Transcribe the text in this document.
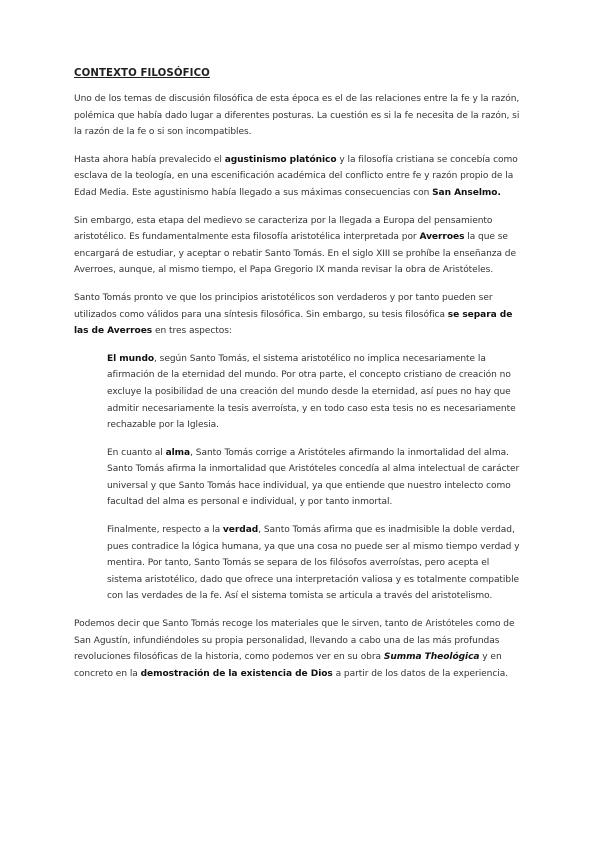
CONTEXTO FILOSÓFICO

Uno de los temas de discusión filosófica de esta época es el de las relaciones entre la fe y la razón, polémica que había dado lugar a diferentes posturas. La cuestión es si la fe necesita de la razón, si la razón de la fe o si son incompatibles.

Hasta ahora había prevalecido el agustinismo platónico y la filosofía cristiana se concebía como esclava de la teología, en una escenificación académica del conflicto entre fe y razón propio de la Edad Media. Este agustinismo había llegado a sus máximas consecuencias con San Anselmo.

Sin embargo, esta etapa del medievo se caracteriza por la llegada a Europa del pensamiento aristotélico. Es fundamentalmente esta filosofía aristotélica interpretada por Averroes la que se encargará de estudiar, y aceptar o rebatir Santo Tomás. En el siglo XIII se prohíbe la enseñanza de Averroes, aunque, al mismo tiempo, el Papa Gregorio IX manda revisar la obra de Aristóteles.

Santo Tomás pronto ve que los principios aristotélicos son verdaderos y por tanto pueden ser utilizados como válidos para una síntesis filosófica. Sin embargo, su tesis filosófica se separa de las de Averroes en tres aspectos:

El mundo, según Santo Tomás, el sistema aristotélico no implica necesariamente la afirmación de la eternidad del mundo. Por otra parte, el concepto cristiano de creación no excluye la posibilidad de una creación del mundo desde la eternidad, así pues no hay que admitir necesariamente la tesis averroísta, y en todo caso esta tesis no es necesariamente rechazable por la Iglesia.

En cuanto al alma, Santo Tomás corrige a Aristóteles afirmando la inmortalidad del alma. Santo Tomás afirma la inmortalidad que Aristóteles concedía al alma intelectual de carácter universal y que Santo Tomás hace individual, ya que entiende que nuestro intelecto como facultad del alma es personal e individual, y por tanto inmortal.

Finalmente, respecto a la verdad, Santo Tomás afirma que es inadmisible la doble verdad, pues contradice la lógica humana, ya que una cosa no puede ser al mismo tiempo verdad y mentira. Por tanto, Santo Tomás se separa de los filósofos averroístas, pero acepta el sistema aristotélico, dado que ofrece una interpretación valiosa y es totalmente compatible con las verdades de la fe. Así el sistema tomista se articula a través del aristotelismo.

Podemos decir que Santo Tomás recoge los materiales que le sirven, tanto de Aristóteles como de San Agustín, infundiéndoles su propia personalidad, llevando a cabo una de las más profundas revoluciones filosóficas de la historia, como podemos ver en su obra Summa Theológica y en concreto en la demostración de la existencia de Dios a partir de los datos de la experiencia.
